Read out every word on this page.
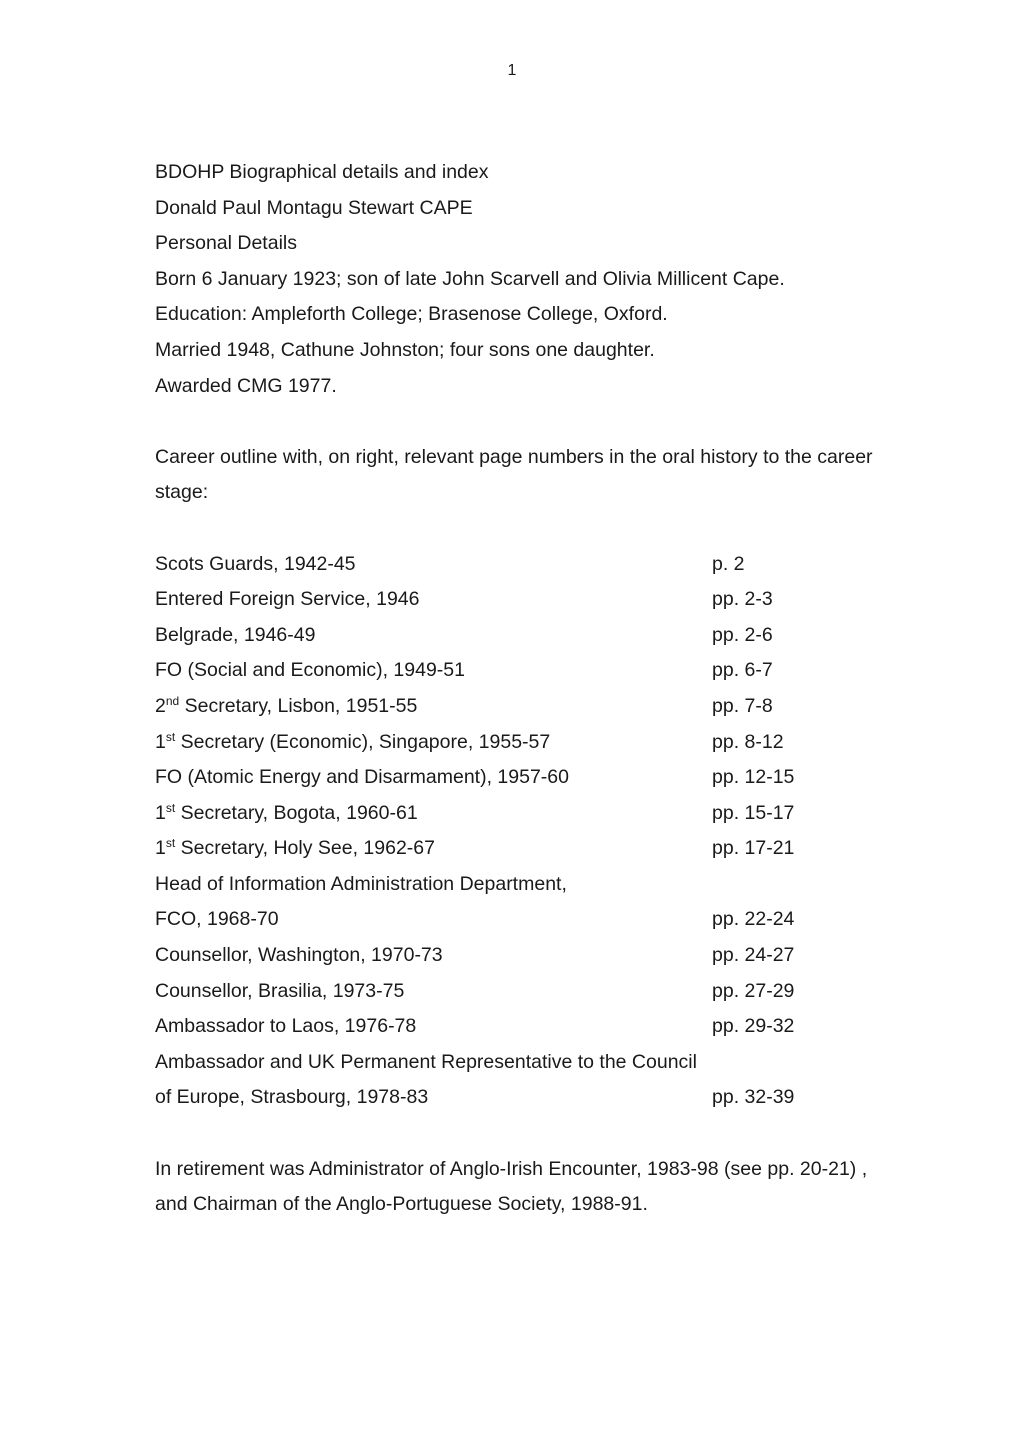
1
BDOHP Biographical details and index
Donald Paul Montagu Stewart CAPE
Personal Details
Born 6 January 1923; son of late John Scarvell and Olivia Millicent Cape.
Education: Ampleforth College; Brasenose College, Oxford.
Married 1948, Cathune Johnston; four sons one daughter.
Awarded CMG 1977.
Career outline with, on right, relevant page numbers in the oral history to the career
stage:
Scots Guards, 1942-45	p. 2
Entered Foreign Service, 1946	pp. 2-3
Belgrade, 1946-49	pp. 2-6
FO (Social and Economic), 1949-51	pp. 6-7
2nd Secretary, Lisbon, 1951-55	pp. 7-8
1st Secretary (Economic), Singapore, 1955-57	pp. 8-12
FO (Atomic Energy and Disarmament), 1957-60	pp. 12-15
1st Secretary, Bogota, 1960-61	pp. 15-17
1st Secretary, Holy See, 1962-67	pp. 17-21
Head of Information Administration Department,
FCO, 1968-70	pp. 22-24
Counsellor, Washington, 1970-73	pp. 24-27
Counsellor, Brasilia, 1973-75	pp. 27-29
Ambassador to Laos, 1976-78	pp. 29-32
Ambassador and UK Permanent Representative to the Council
of Europe, Strasbourg, 1978-83	pp. 32-39
In retirement was Administrator of Anglo-Irish Encounter, 1983-98 (see pp. 20-21) ,
and Chairman of the Anglo-Portuguese Society, 1988-91.
